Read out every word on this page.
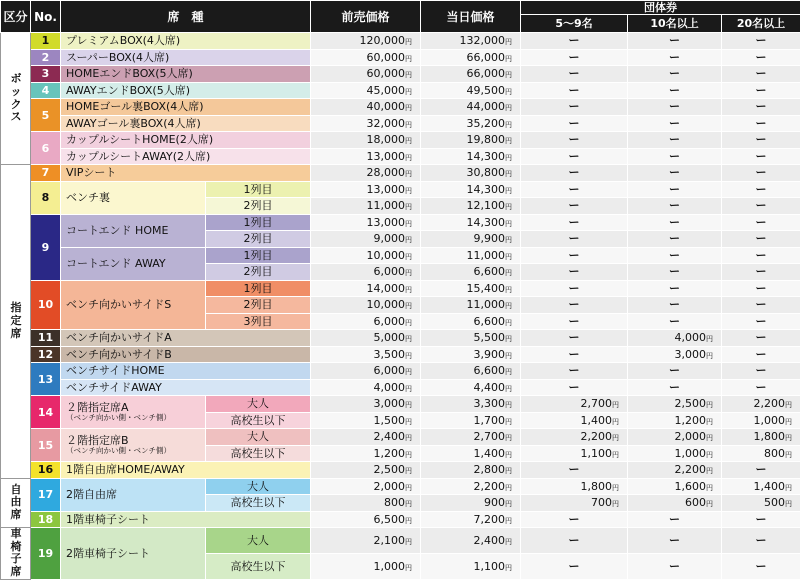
区分	No.	席　種		前売価格	当日価格	団体券		
						5～9名	10名以上	20名以上
ボックス	1	プレミアムBOX(4人席)		120,000円	132,000円	ー	ー	ー
	2	スーパーBOX(4人席)		60,000円	66,000円	ー	ー	ー
	3	HOMEエンドBOX(5人席)		60,000円	66,000円	ー	ー	ー
	4	AWAYエンドBOX(5人席)		45,000円	49,500円	ー	ー	ー
	5	HOMEゴール裏BOX(4人席)		40,000円	44,000円	ー	ー	ー
		AWAYゴール裏BOX(4人席)		32,000円	35,200円	ー	ー	ー
	6	カップルシートHOME(2人席)		18,000円	19,800円	ー	ー	ー
		カップルシートAWAY(2人席)		13,000円	14,300円	ー	ー	ー
指定席	7	VIPシート		28,000円	30,800円	ー	ー	ー
	8	ベンチ裏	1列目	13,000円	14,300円	ー	ー	ー
			2列目	11,000円	12,100円	ー	ー	ー
	9	コートエンド HOME	1列目	13,000円	14,300円	ー	ー	ー
			2列目	9,000円	9,900円	ー	ー	ー
		コートエンド AWAY	1列目	10,000円	11,000円	ー	ー	ー
			2列目	6,000円	6,600円	ー	ー	ー
	10	ベンチ向かいサイドS	1列目	14,000円	15,400円	ー	ー	ー
			2列目	10,000円	11,000円	ー	ー	ー
			3列目	6,000円	6,600円	ー	ー	ー
	11	ベンチ向かいサイドA		5,000円	5,500円	ー	4,000円	ー
	12	ベンチ向かいサイドB		3,500円	3,900円	ー	3,000円	ー
	13	ベンチサイドHOME		6,000円	6,600円	ー	ー	ー
		ベンチサイドAWAY		4,000円	4,400円	ー	ー	ー
	14	２階指定席A
（ベンチ向かい側・ベンチ側）	大人	3,000円	3,300円	2,700円	2,500円	2,200円
			高校生以下	1,500円	1,700円	1,400円	1,200円	1,000円
	15	２階指定席B
（ベンチ向かい側・ベンチ側）	大人	2,400円	2,700円	2,200円	2,000円	1,800円
			高校生以下	1,200円	1,400円	1,100円	1,000円	800円
	16	1階自由席HOME/AWAY		2,500円	2,800円	ー	2,200円	ー
自由席	17	2階自由席	大人	2,000円	2,200円	1,800円	1,600円	1,400円
			高校生以下	800円	900円	700円	600円	500円
	18	1階車椅子シート		6,500円	7,200円	ー	ー	ー
車椅子席	19	2階車椅子シート	大人	2,100円	2,400円	ー	ー	ー
			高校生以下	1,000円	1,100円	ー	ー	ー
